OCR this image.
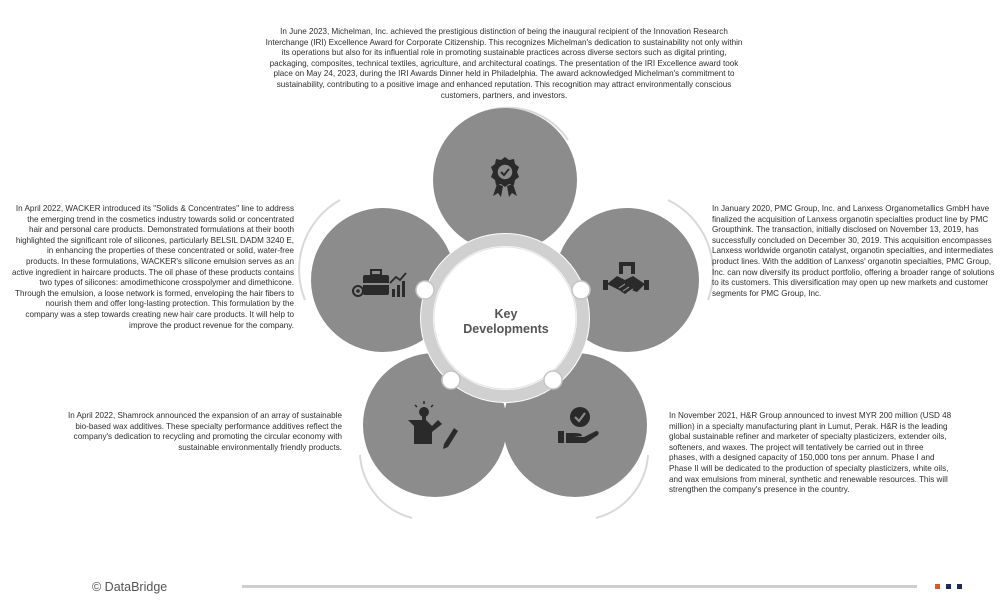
Key
Developments
In June 2023, Michelman, Inc. achieved the prestigious distinction of being the inaugural recipient of the Innovation Research Interchange (IRI) Excellence Award for Corporate Citizenship. This recognizes Michelman's dedication to sustainability not only within its operations but also for its influential role in promoting sustainable practices across diverse sectors such as digital printing, packaging, composites, technical textiles, agriculture, and architectural coatings. The presentation of the IRI Excellence award took place on May 24, 2023, during the IRI Awards Dinner held in Philadelphia. The award acknowledged Michelman's commitment to sustainability, contributing to a positive image and enhanced reputation. This recognition may attract environmentally conscious customers, partners, and investors.
In April 2022, WACKER introduced its "Solids & Concentrates" line to address the emerging trend in the cosmetics industry towards solid or concentrated hair and personal care products. Demonstrated formulations at their booth highlighted the significant role of silicones, particularly BELSIL DADM 3240 E, in enhancing the properties of these concentrated or solid, water-free products. In these formulations, WACKER's silicone emulsion serves as an active ingredient in haircare products. The oil phase of these products contains two types of silicones: amodimethicone crosspolymer and dimethicone. Through the emulsion, a loose network is formed, enveloping the hair fibers to nourish them and offer long-lasting protection. This formulation by the company was a step towards creating new hair care products. It will help to improve the product revenue for the company.
In January 2020, PMC Group, Inc. and Lanxess Organometallics GmbH have finalized the acquisition of Lanxess organotin specialties product line by PMC Groupthink. The transaction, initially disclosed on November 13, 2019, has successfully concluded on December 30, 2019. This acquisition encompasses Lanxess worldwide organotin catalyst, organotin specialties, and intermediates product lines. With the addition of Lanxess' organotin specialties, PMC Group, Inc. can now diversify its product portfolio, offering a broader range of solutions to its customers. This diversification may open up new markets and customer segments for PMC Group, Inc.
In April 2022, Shamrock announced the expansion of an array of sustainable bio-based wax additives. These specialty performance additives reflect the company's dedication to recycling and promoting the circular economy with sustainable environmentally friendly products.
In November 2021, H&R Group announced to invest MYR 200 million (USD 48 million) in a specialty manufacturing plant in Lumut, Perak. H&R is the leading global sustainable refiner and marketer of specialty plasticizers, extender oils, softeners, and waxes. The project will tentatively be carried out in three phases, with a designed capacity of 150,000 tons per annum. Phase I and Phase II will be dedicated to the production of specialty plasticizers, white oils, and wax emulsions from mineral, synthetic and renewable resources. This will strengthen the company's presence in the country.
© DataBridge
